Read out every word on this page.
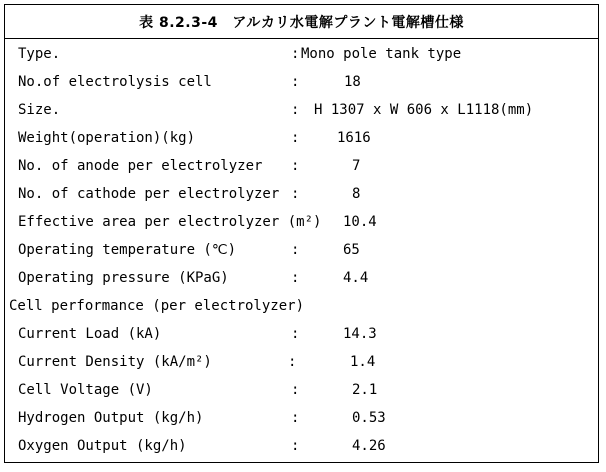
表 8.2.3-4　アルカリ水電解プラント電解槽仕様
Type.	: Mono pole tank type
No.of electrolysis cell	:	18
Size.	: H 1307 x W 606 x L1118(mm)
Weight(operation)(kg)	:	1616
No. of anode per electrolyzer :	7
No. of cathode per electrolyzer :	8
Effective area per electrolyzer (m²) 10.4
Operating temperature (℃)	:	65
Operating pressure (KPaG)	:	4.4
Cell performance (per electrolyzer)
Current Load (kA)	:	14.3
Current Density (kA/m²)	:	1.4
Cell Voltage (V)	:	2.1
Hydrogen Output (kg/h)	:	0.53
Oxygen Output (kg/h)	:	4.26
